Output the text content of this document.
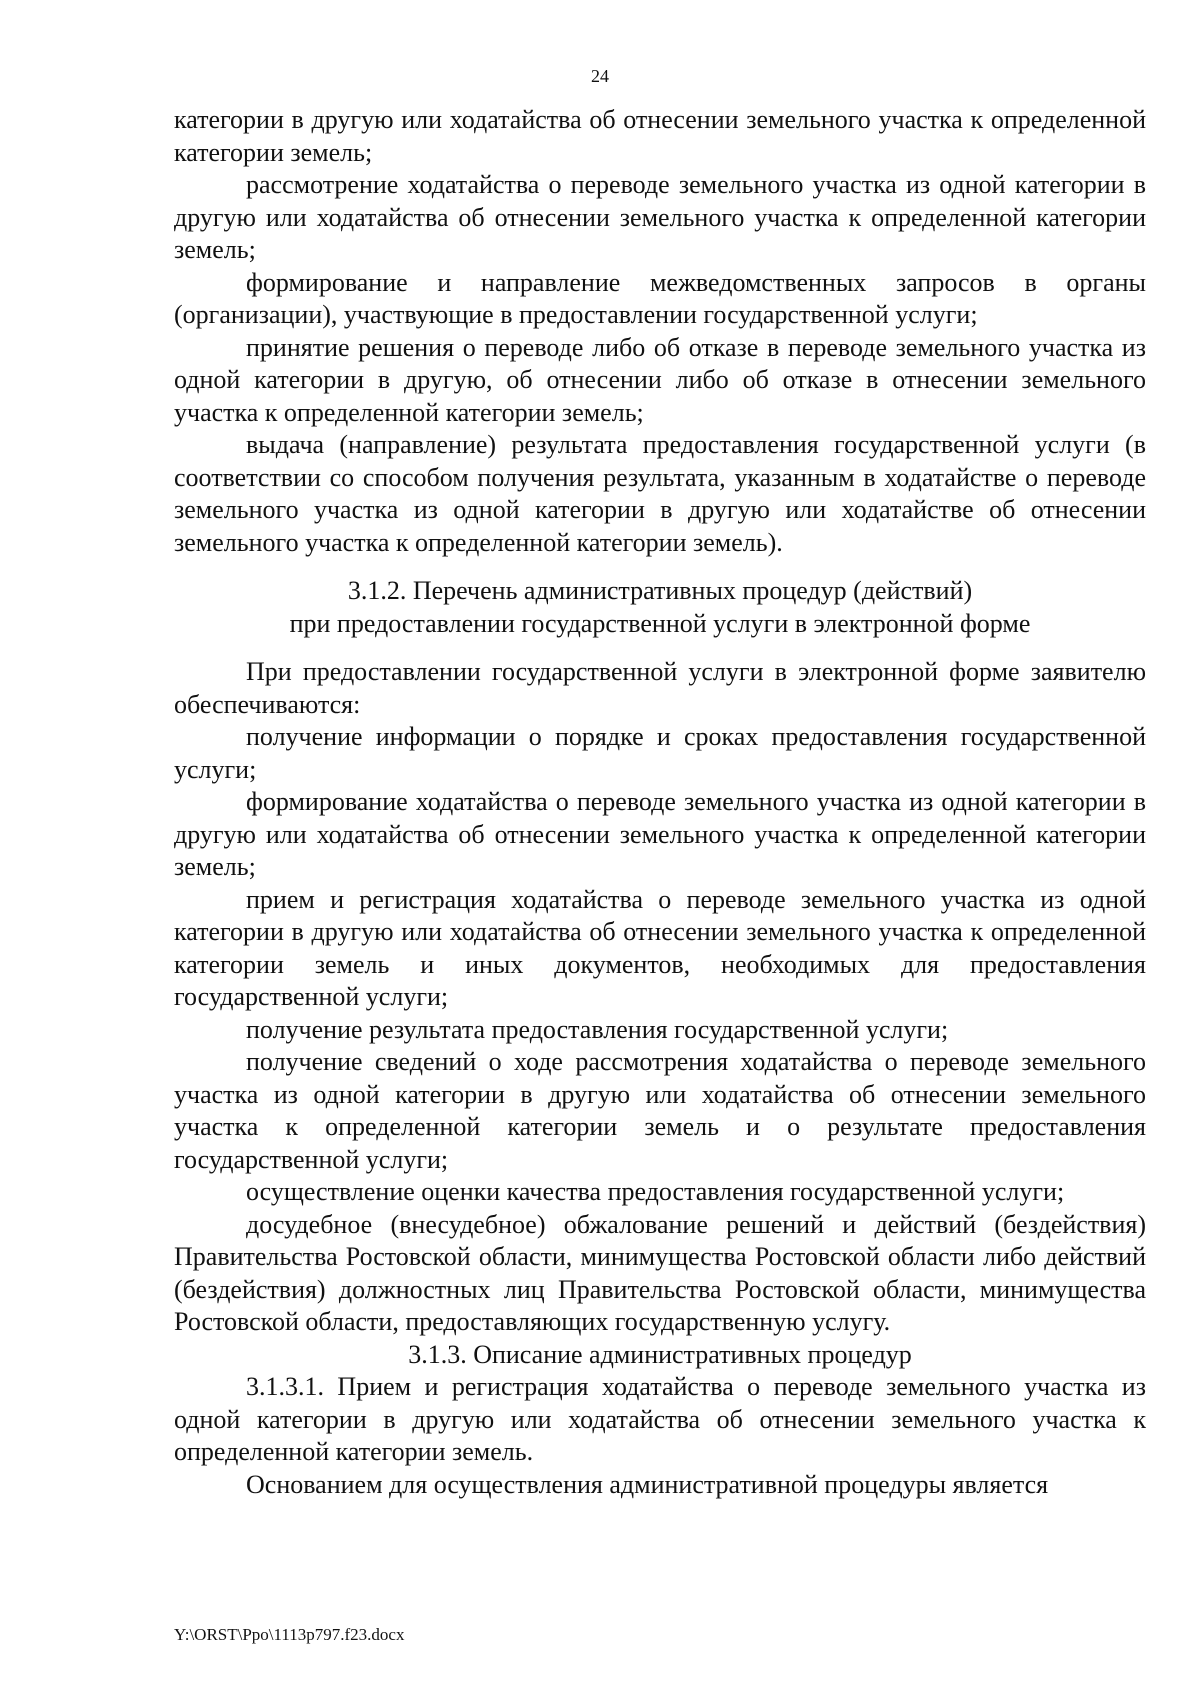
24

категории в другую или ходатайства об отнесении земельного участка к определенной категории земель;

рассмотрение ходатайства о переводе земельного участка из одной категории в другую или ходатайства об отнесении земельного участка к определенной категории земель;

формирование и направление межведомственных запросов в органы (организации), участвующие в предоставлении государственной услуги;

принятие решения о переводе либо об отказе в переводе земельного участка из одной категории в другую, об отнесении либо об отказе в отнесении земельного участка к определенной категории земель;

выдача (направление) результата предоставления государственной услуги (в соответствии со способом получения результата, указанным в ходатайстве о переводе земельного участка из одной категории в другую или ходатайстве об отнесении земельного участка к определенной категории земель).

3.1.2. Перечень административных процедур (действий)

при предоставлении государственной услуги в электронной форме

При предоставлении государственной услуги в электронной форме заявителю обеспечиваются:

получение информации о порядке и сроках предоставления государственной услуги;

формирование ходатайства о переводе земельного участка из одной категории в другую или ходатайства об отнесении земельного участка к определенной категории земель;

прием и регистрация ходатайства о переводе земельного участка из одной категории в другую или ходатайства об отнесении земельного участка к определенной категории земель и иных документов, необходимых для предоставления государственной услуги;

получение результата предоставления государственной услуги;

получение сведений о ходе рассмотрения ходатайства о переводе земельного участка из одной категории в другую или ходатайства об отнесении земельного участка к определенной категории земель и о результате предоставления государственной услуги;

осуществление оценки качества предоставления государственной услуги;

досудебное (внесудебное) обжалование решений и действий (бездействия) Правительства Ростовской области, минимущества Ростовской области либо действий (бездействия) должностных лиц Правительства Ростовской области, минимущества Ростовской области, предоставляющих государственную услугу.

3.1.3. Описание административных процедур

3.1.3.1. Прием и регистрация ходатайства о переводе земельного участка из одной категории в другую или ходатайства об отнесении земельного участка к определенной категории земель.

Основанием для осуществления административной процедуры является

Y:\ORST\Ppo\1113p797.f23.docx
